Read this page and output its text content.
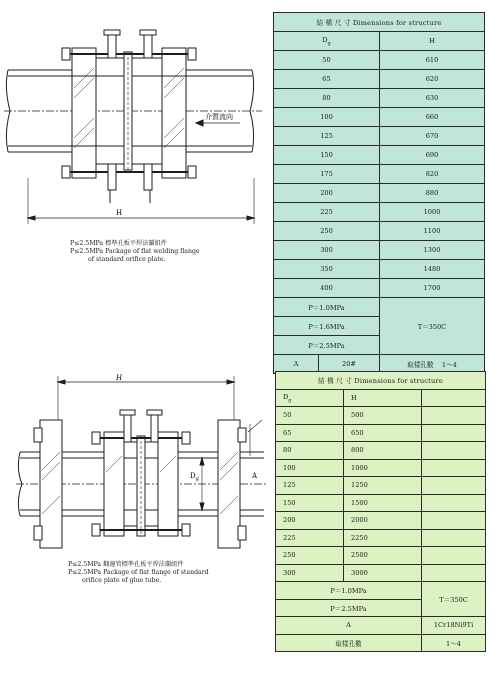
介質流向
H
P≤2.5MPa 標準孔板平焊法蘭組件
P≤2.5MPa Package of flat welding flange
of standard orifice plate.
結 構 尺 寸 Dimensions for structure		
$D_g$		H
50		610
65		620
80		630
100		660
125		670
150		690
175		820
200		880
225		1000
250		1100
300		1300
350		1480
400		1700
P＝1.0MPa		T＝350C
P＝1.6MPa		
P＝2.5MPa		
A	20#	取樣孔數 1～4
H
$D_g$	A
P≤2.5MPa 翻邊管標準孔板平焊法蘭組件
P≤2.5MPa Package of flat flange of standard
orifice plate of glue tube.
結 構 尺 寸 Dimensions for structure		
$D_g$	H	
50	500	
65	650	
80	800	
100	1000	
125	1250	
150	1500	
200	2000	
225	2250	
250	2500	
300	3000	
P＝1.0MPa		T＝350C
P＝2.5MPa		
A		1Cr18Ni9Ti
取樣孔數		1～4
